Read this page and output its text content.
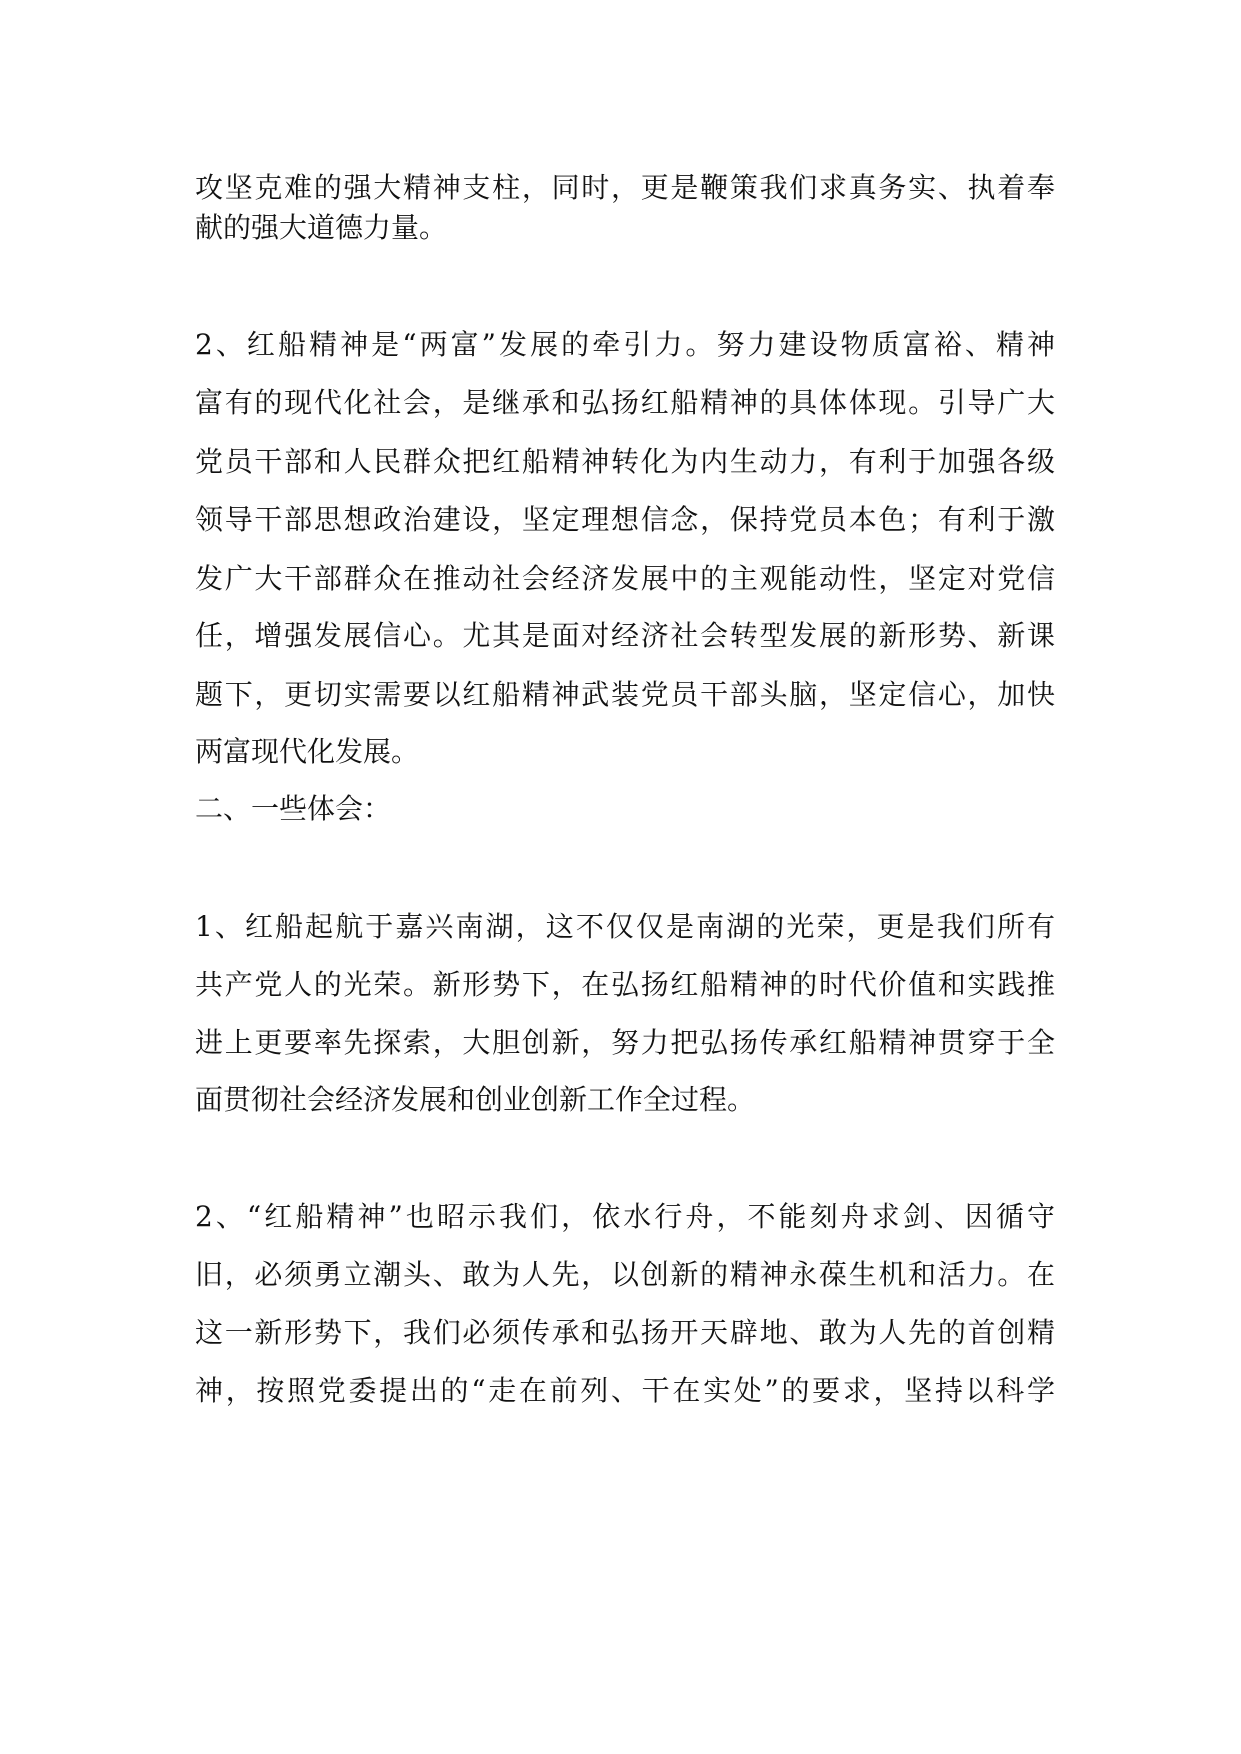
攻坚克难的强大精神支柱，同时，更是鞭策我们求真务实、执着奉
献的强大道德力量。
2、红船精神是“两富”发展的牵引力。努力建设物质富裕、精神
富有的现代化社会，是继承和弘扬红船精神的具体体现。引导广大
党员干部和人民群众把红船精神转化为内生动力，有利于加强各级
领导干部思想政治建设，坚定理想信念，保持党员本色；有利于激
发广大干部群众在推动社会经济发展中的主观能动性，坚定对党信
任，增强发展信心。尤其是面对经济社会转型发展的新形势、新课
题下，更切实需要以红船精神武装党员干部头脑，坚定信心，加快
两富现代化发展。
二、一些体会：
1、红船起航于嘉兴南湖，这不仅仅是南湖的光荣，更是我们所有
共产党人的光荣。新形势下，在弘扬红船精神的时代价值和实践推
进上更要率先探索，大胆创新，努力把弘扬传承红船精神贯穿于全
面贯彻社会经济发展和创业创新工作全过程。
2、“红船精神”也昭示我们，依水行舟，不能刻舟求剑、因循守
旧，必须勇立潮头、敢为人先，以创新的精神永葆生机和活力。在
这一新形势下，我们必须传承和弘扬开天辟地、敢为人先的首创精
神，按照党委提出的“走在前列、干在实处”的要求，坚持以科学
